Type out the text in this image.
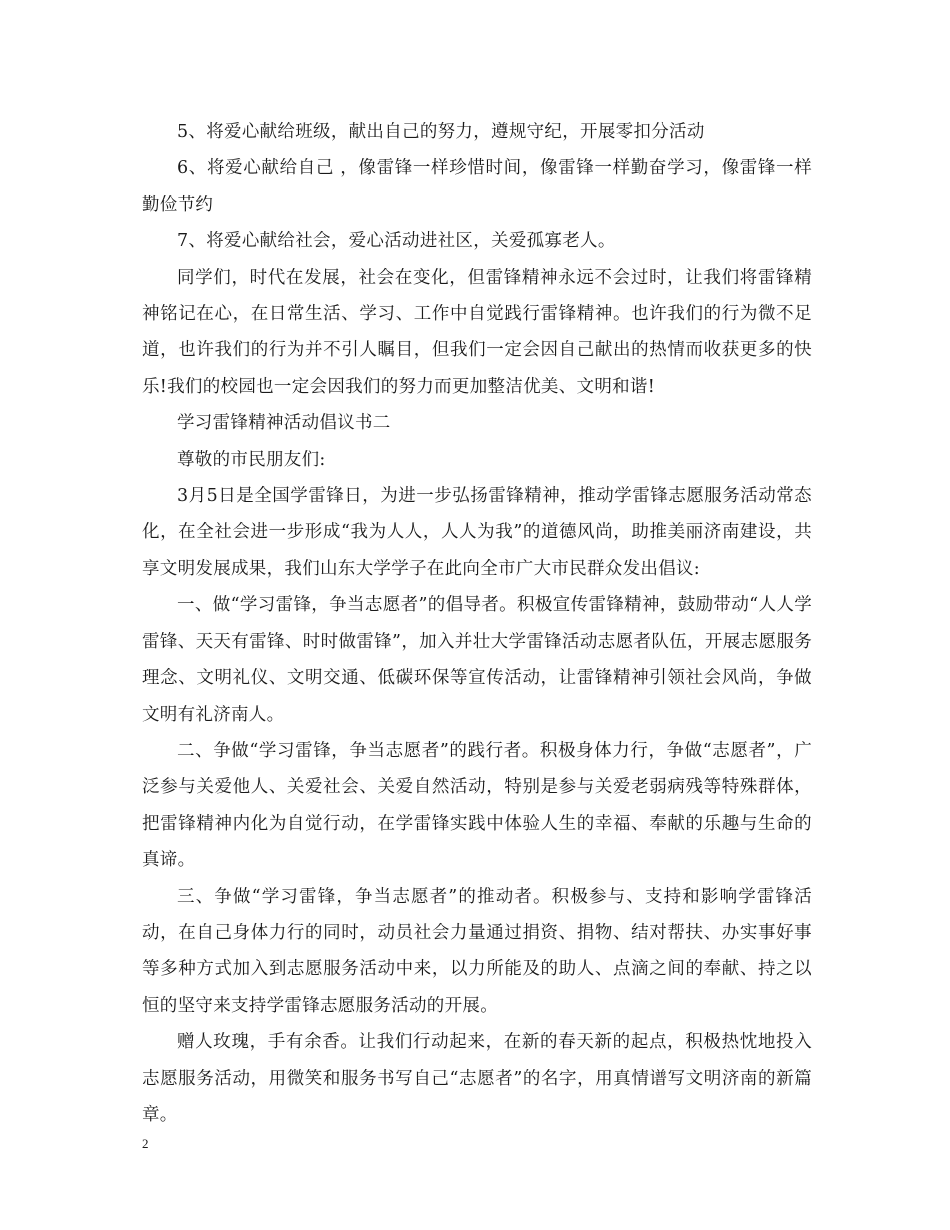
5、将爱心献给班级，献出自己的努力，遵规守纪，开展零扣分活动

6、将爱心献给自己 ，像雷锋一样珍惜时间，像雷锋一样勤奋学习，像雷锋一样勤俭节约

7、将爱心献给社会，爱心活动进社区，关爱孤寡老人。

同学们，时代在发展，社会在变化，但雷锋精神永远不会过时，让我们将雷锋精神铭记在心，在日常生活、学习、工作中自觉践行雷锋精神。也许我们的行为微不足道，也许我们的行为并不引人瞩目，但我们一定会因自己献出的热情而收获更多的快乐!我们的校园也一定会因我们的努力而更加整洁优美、文明和谐!

学习雷锋精神活动倡议书二

尊敬的市民朋友们:

3月5日是全国学雷锋日，为进一步弘扬雷锋精神，推动学雷锋志愿服务活动常态化，在全社会进一步形成“我为人人，人人为我”的道德风尚，助推美丽济南建设，共享文明发展成果，我们山东大学学子在此向全市广大市民群众发出倡议:

一、做“学习雷锋，争当志愿者”的倡导者。积极宣传雷锋精神，鼓励带动“人人学雷锋、天天有雷锋、时时做雷锋”，加入并壮大学雷锋活动志愿者队伍，开展志愿服务理念、文明礼仪、文明交通、低碳环保等宣传活动，让雷锋精神引领社会风尚，争做文明有礼济南人。

二、争做“学习雷锋，争当志愿者”的践行者。积极身体力行，争做“志愿者”，广泛参与关爱他人、关爱社会、关爱自然活动，特别是参与关爱老弱病残等特殊群体，把雷锋精神内化为自觉行动，在学雷锋实践中体验人生的幸福、奉献的乐趣与生命的真谛。

三、争做“学习雷锋，争当志愿者”的推动者。积极参与、支持和影响学雷锋活动，在自己身体力行的同时，动员社会力量通过捐资、捐物、结对帮扶、办实事好事等多种方式加入到志愿服务活动中来，以力所能及的助人、点滴之间的奉献、持之以恒的坚守来支持学雷锋志愿服务活动的开展。

赠人玫瑰，手有余香。让我们行动起来，在新的春天新的起点，积极热忱地投入志愿服务活动，用微笑和服务书写自己“志愿者”的名字，用真情谱写文明济南的新篇章。

2
